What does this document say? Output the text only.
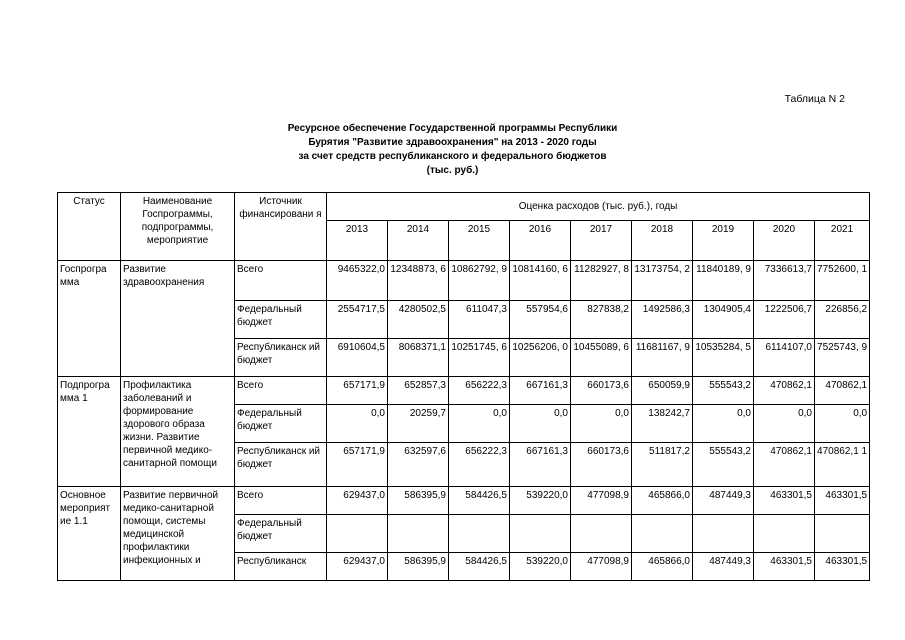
Таблица N 2
Ресурсное обеспечение Государственной программы Республики
Бурятия "Развитие здравоохранения" на 2013 - 2020 годы
за счет средств республиканского и федерального бюджетов
(тыс. руб.)
Статус	Наименование Госпрограммы, подпрограммы, мероприятие	Источник финансировани я	Оценка расходов (тыс. руб.), годы								
			2013	2014	2015	2016	2017	2018	2019	2020	2021
Госпрогра мма	Развитие здравоохранения	Всего	9465322,0	12348873, 6	10862792, 9	10814160, 6	11282927, 8	13173754, 2	11840189, 9	7336613,7	7752600, 1
		Федеральный бюджет	2554717,5	4280502,5	611047,3	557954,6	827838,2	1492586,3	1304905,4	1222506,7	226856,2
		Республиканск ий бюджет	6910604,5	8068371,1	10251745, 6	10256206, 0	10455089, 6	11681167, 9	10535284, 5	6114107,0	7525743, 9
Подпрогра мма 1	Профилактика заболеваний и формирование здорового образа жизни. Развитие первичной медико-санитарной помощи	Всего	657171,9	652857,3	656222,3	667161,3	660173,6	650059,9	555543,2	470862,1	470862,1
		Федеральный бюджет	0,0	20259,7	0,0	0,0	0,0	138242,7	0,0	0,0	0,0
		Республиканск ий бюджет	657171,9	632597,6	656222,3	667161,3	660173,6	511817,2	555543,2	470862,1	470862,1 1
Основное мероприят ие 1.1	Развитие первичной медико-санитарной помощи, системы медицинской профилактики инфекционных и	Всего	629437,0	586395,9	584426,5	539220,0	477098,9	465866,0	487449,3	463301,5	463301,5
		Федеральный бюджет									
		Республиканск	629437,0	586395,9	584426,5	539220,0	477098,9	465866,0	487449,3	463301,5	463301,5
